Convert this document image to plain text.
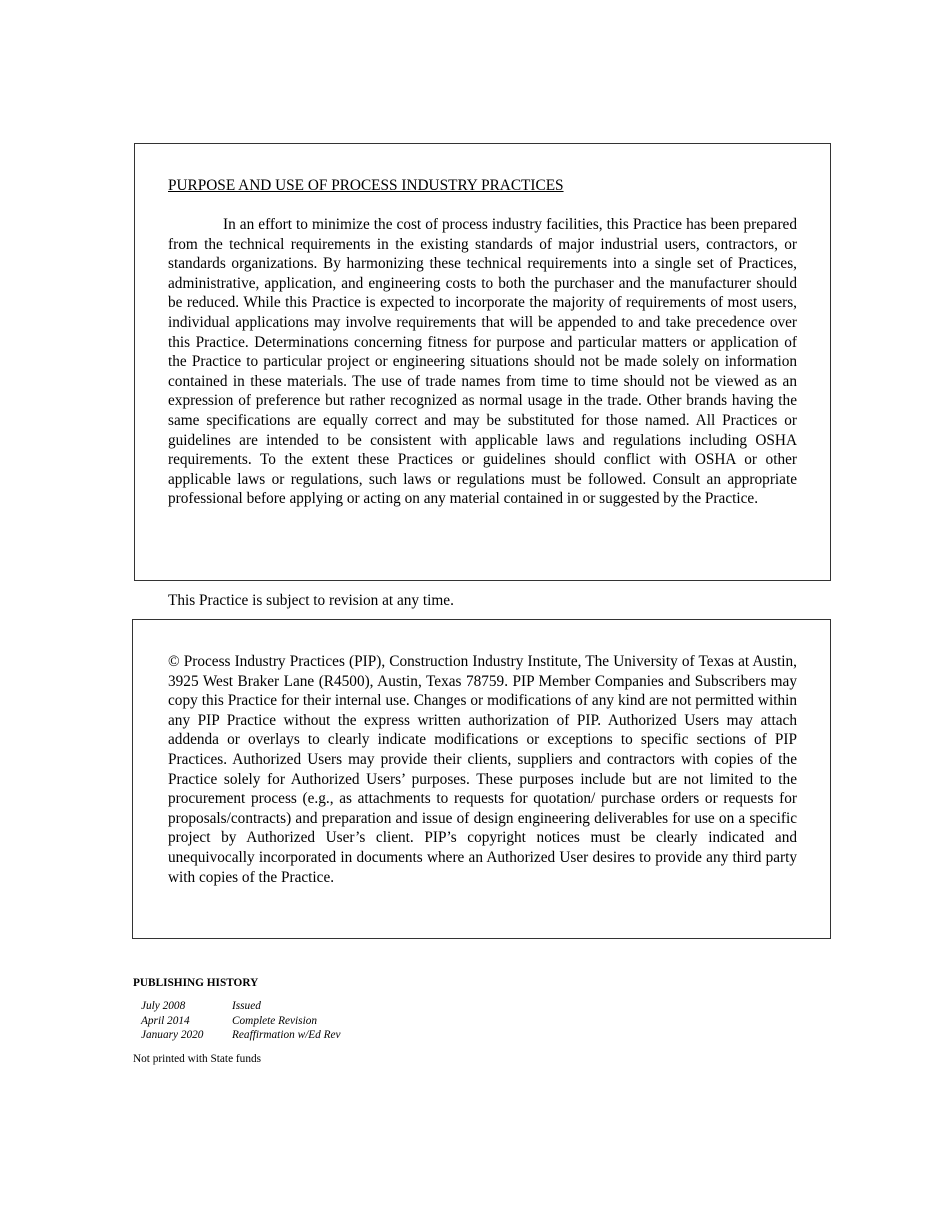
PURPOSE AND USE OF PROCESS INDUSTRY PRACTICES

In an effort to minimize the cost of process industry facilities, this Practice has been prepared from the technical requirements in the existing standards of major industrial users, contractors, or standards organizations. By harmonizing these technical requirements into a single set of Practices, administrative, application, and engineering costs to both the purchaser and the manufacturer should be reduced. While this Practice is expected to incorporate the majority of requirements of most users, individual applications may involve requirements that will be appended to and take precedence over this Practice. Determinations concerning fitness for purpose and particular matters or application of the Practice to particular project or engineering situations should not be made solely on information contained in these materials. The use of trade names from time to time should not be viewed as an expression of preference but rather recognized as normal usage in the trade. Other brands having the same specifications are equally correct and may be substituted for those named. All Practices or guidelines are intended to be consistent with applicable laws and regulations including OSHA requirements. To the extent these Practices or guidelines should conflict with OSHA or other applicable laws or regulations, such laws or regulations must be followed. Consult an appropriate professional before applying or acting on any material contained in or suggested by the Practice.

This Practice is subject to revision at any time.

© Process Industry Practices (PIP), Construction Industry Institute, The University of Texas at Austin, 3925 West Braker Lane (R4500), Austin, Texas 78759. PIP Member Companies and Subscribers may copy this Practice for their internal use. Changes or modifications of any kind are not permitted within any PIP Practice without the express written authorization of PIP. Authorized Users may attach addenda or overlays to clearly indicate modifications or exceptions to specific sections of PIP Practices. Authorized Users may provide their clients, suppliers and contractors with copies of the Practice solely for Authorized Users’ purposes. These purposes include but are not limited to the procurement process (e.g., as attachments to requests for quotation/ purchase orders or requests for proposals/contracts) and preparation and issue of design engineering deliverables for use on a specific project by Authorized User’s client. PIP’s copyright notices must be clearly indicated and unequivocally incorporated in documents where an Authorized User desires to provide any third party with copies of the Practice.

PUBLISHING HISTORY
July 2008	Issued
April 2014	Complete Revision
January 2020	Reaffirmation w/Ed Rev
Not printed with State funds
